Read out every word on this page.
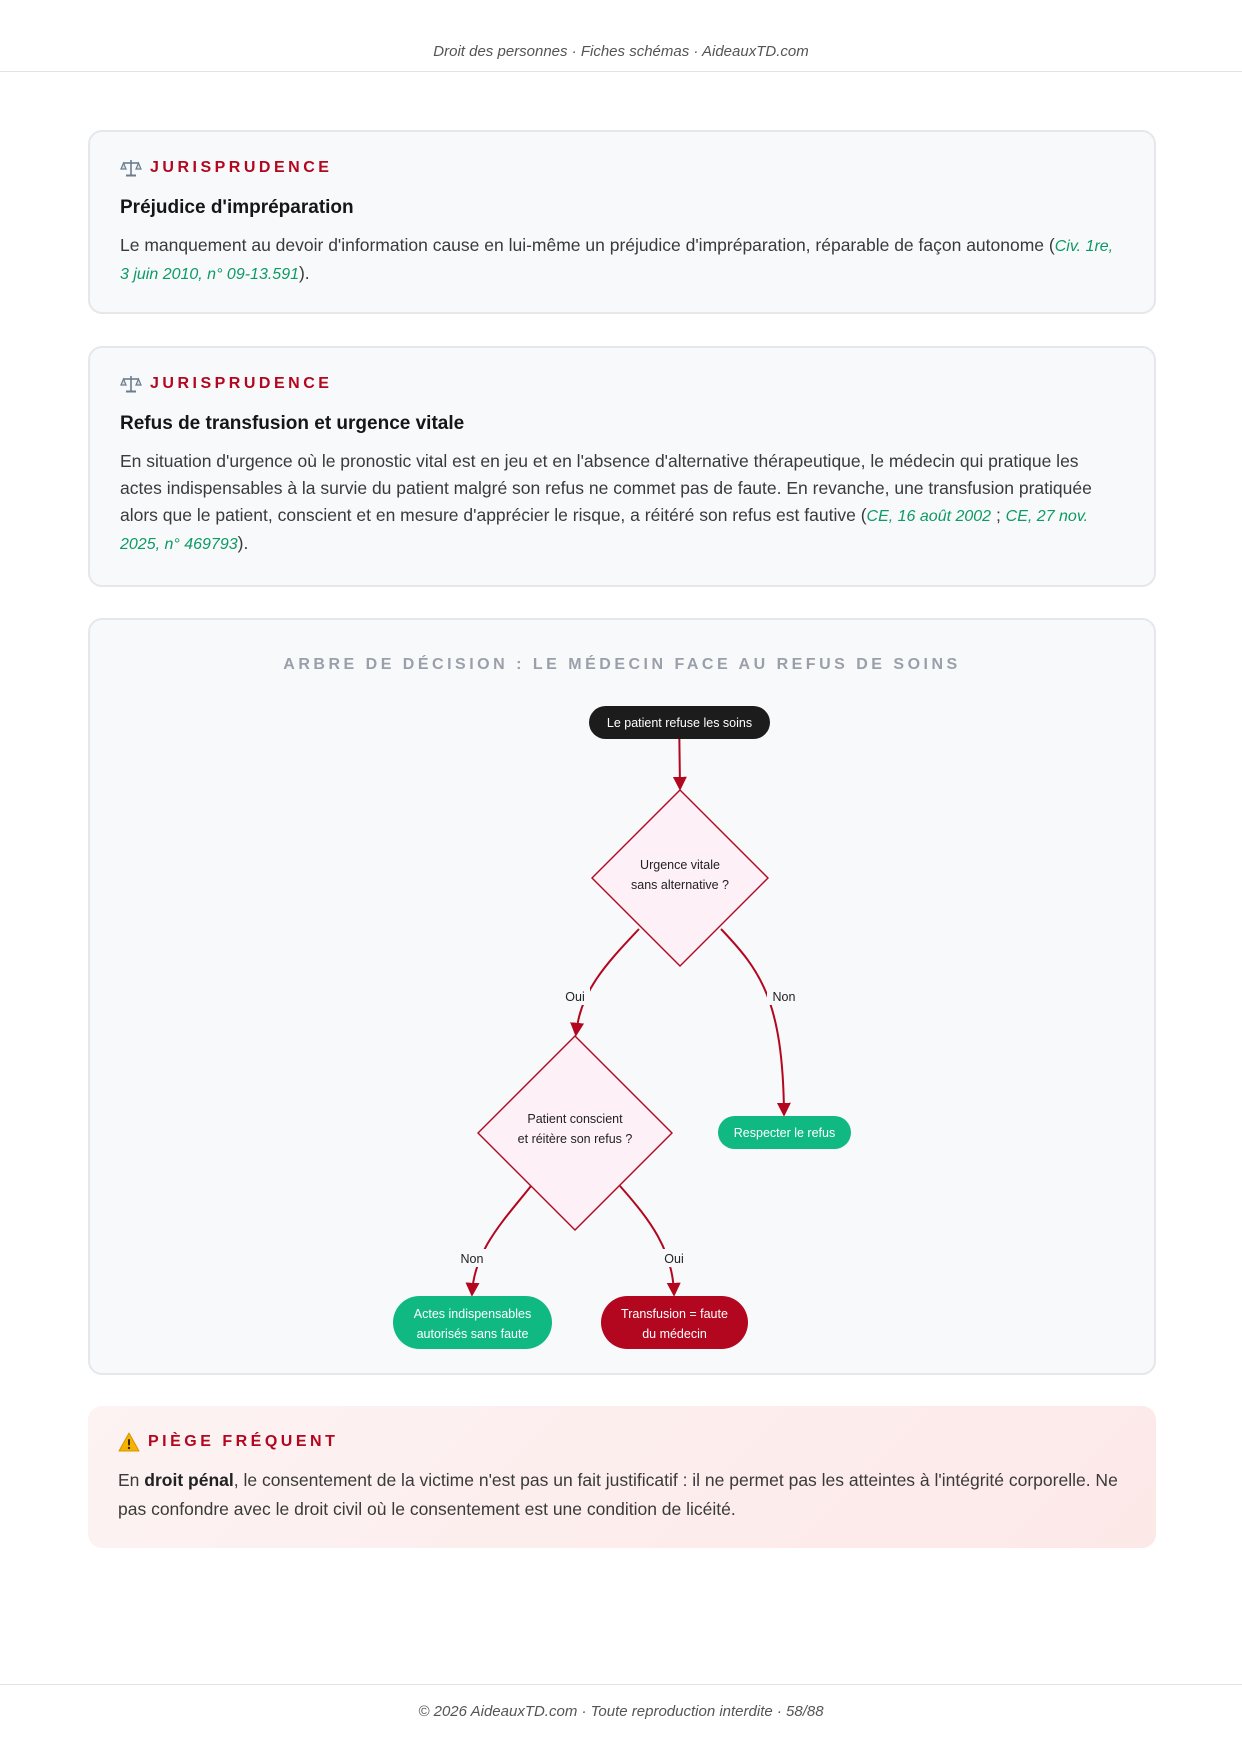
Droit des personnes · Fiches schémas · AideauxTD.com
JURISPRUDENCE
Préjudice d'impréparation
Le manquement au devoir d'information cause en lui-même un préjudice d'impréparation, réparable de façon autonome (Civ. 1re, 3 juin 2010, n° 09-13.591).
JURISPRUDENCE
Refus de transfusion et urgence vitale
En situation d'urgence où le pronostic vital est en jeu et en l'absence d'alternative thérapeutique, le médecin qui pratique les actes indispensables à la survie du patient malgré son refus ne commet pas de faute. En revanche, une transfusion pratiquée alors que le patient, conscient et en mesure d'apprécier le risque, a réitéré son refus est fautive (CE, 16 août 2002 ; CE, 27 nov. 2025, n° 469793).
ARBRE DE DÉCISION : LE MÉDECIN FACE AU REFUS DE SOINS
Oui	Non
Non	Oui
Le patient refuse les soins
Urgence vitale
sans alternative ?
Patient conscient
et réitère son refus ?	Respecter le refus
Actes indispensables
autorisés sans faute
Transfusion = faute
du médecin
PIÈGE FRÉQUENT
En droit pénal, le consentement de la victime n'est pas un fait justificatif : il ne permet pas les atteintes à l'intégrité corporelle. Ne pas confondre avec le droit civil où le consentement est une condition de licéité.
© 2026 AideauxTD.com · Toute reproduction interdite · 58/88
